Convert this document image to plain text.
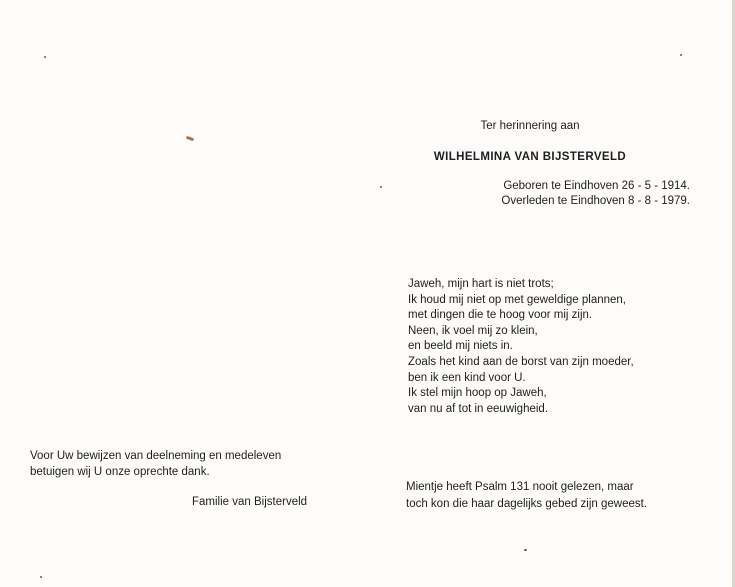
Ter herinnering aan
WILHELMINA VAN BIJSTERVELD
Geboren te Eindhoven 26 - 5 - 1914.
Overleden te Eindhoven 8 - 8 - 1979.
Jaweh, mijn hart is niet trots;
Ik houd mij niet op met geweldige plannen,
met dingen die te hoog voor mij zijn.
Neen, ik voel mij zo klein,
en beeld mij niets in.
Zoals het kind aan de borst van zijn moeder,
ben ik een kind voor U.
Ik stel mijn hoop op Jaweh,
van nu af tot in eeuwigheid.
Voor Uw bewijzen van deelneming en medeleven
betuigen wij U onze oprechte dank.
Familie van Bijsterveld
Mientje heeft Psalm 131 nooit gelezen, maar
toch kon die haar dagelijks gebed zijn geweest.
